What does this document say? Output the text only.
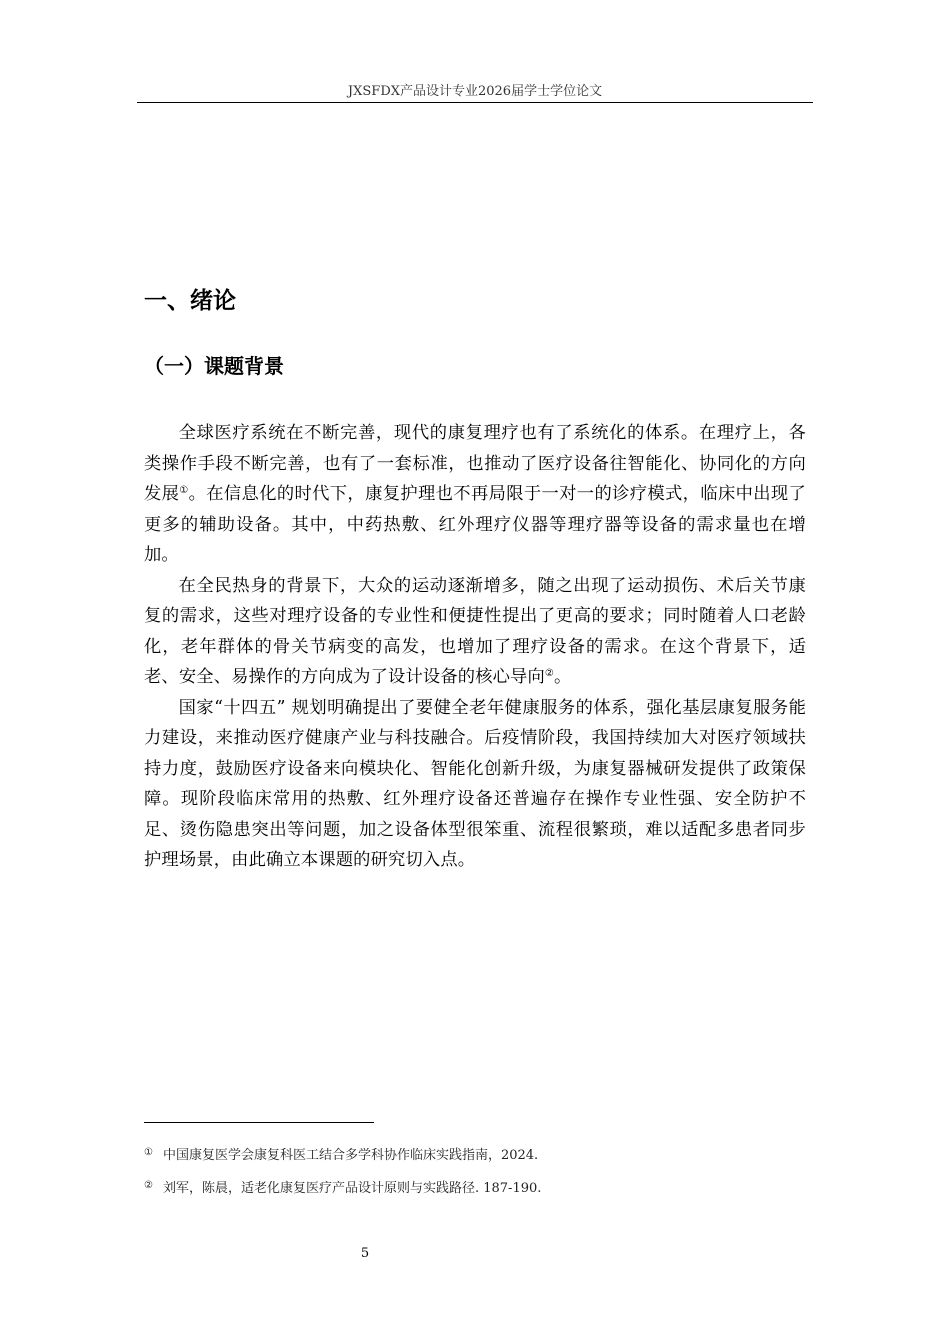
JXSFDX产品设计专业2026届学士学位论文
一、绪论
（一）课题背景

全球医疗系统在不断完善，现代的康复理疗也有了系统化的体系。在理疗上，各类操作手段不断完善，也有了一套标准，也推动了医疗设备往智能化、协同化的方向发展①。在信息化的时代下，康复护理也不再局限于一对一的诊疗模式，临床中出现了更多的辅助设备。其中，中药热敷、红外理疗仪器等理疗器等设备的需求量也在增加。

在全民热身的背景下，大众的运动逐渐增多，随之出现了运动损伤、术后关节康复的需求，这些对理疗设备的专业性和便捷性提出了更高的要求；同时随着人口老龄化，老年群体的骨关节病变的高发，也增加了理疗设备的需求。在这个背景下，适老、安全、易操作的方向成为了设计设备的核心导向②。

国家“十四五” 规划明确提出了要健全老年健康服务的体系，强化基层康复服务能力建设，来推动医疗健康产业与科技融合。后疫情阶段，我国持续加大对医疗领域扶持力度，鼓励医疗设备来向模块化、智能化创新升级，为康复器械研发提供了政策保障。现阶段临床常用的热敷、红外理疗设备还普遍存在操作专业性强、安全防护不足、烫伤隐患突出等问题，加之设备体型很笨重、流程很繁琐，难以适配多患者同步护理场景，由此确立本课题的研究切入点。

① 中国康复医学会康复科医工结合多学科协作临床实践指南，2024.
② 刘军，陈晨，适老化康复医疗产品设计原则与实践路径. 187-190.
5
